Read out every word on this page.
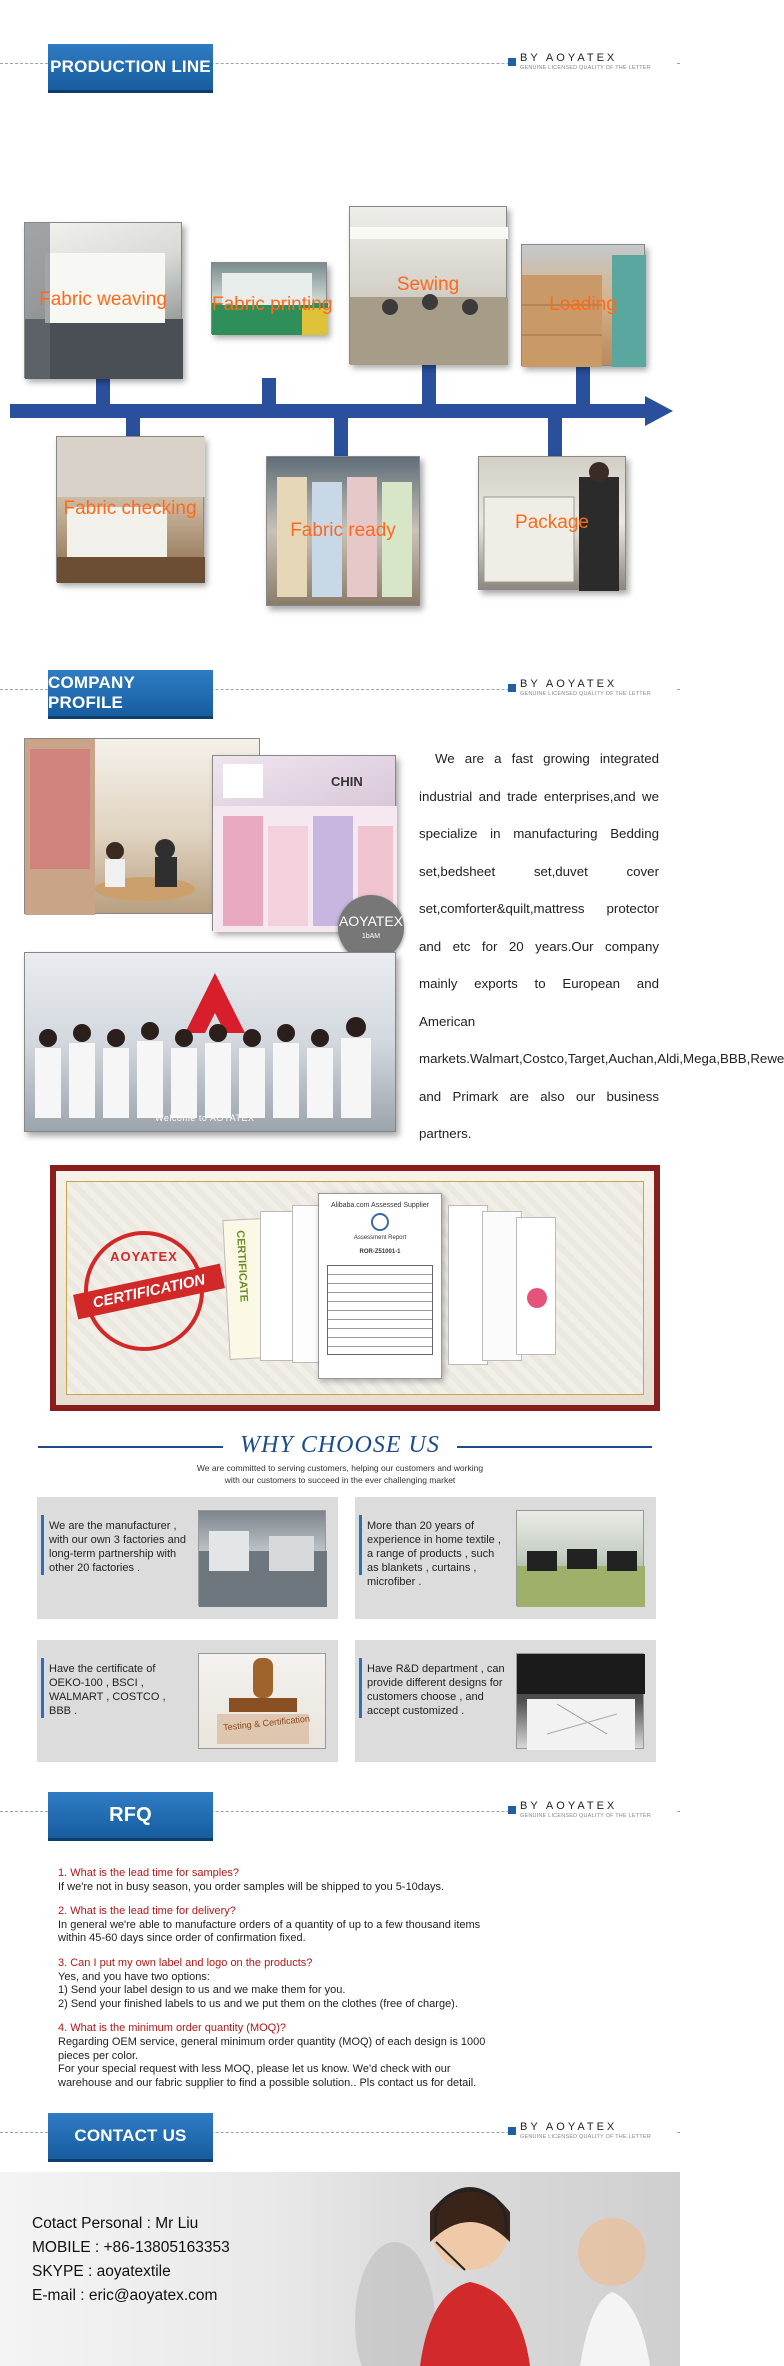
PRODUCTION LINE	BY AOYATEX
GENUINE LICENSED QUALITY OF THE LETTER
Fabric weaving	Fabric printing
Sewing
Loading
Fabric checking
Fabric ready	Package
COMPANY PROFILE
BY AOYATEX
GENUINE LICENSED QUALITY OF THE LETTER
CHIN
AOYATEX
1bAM
Welcome to AOYATEX
We are a fast growing integrated industrial and trade enterprises,and we specialize in manufacturing Bedding set,bedsheet set,duvet cover set,comforter&quilt,mattress protector and etc for 20 years.Our company mainly exports to European and American markets.Walmart,Costco,Target,Auchan,Aldi,Mega,BBB,Rewe and Primark are also our business partners.
AOYATEX
CERTIFICATION	CERTIFICATE
Alibaba.com Assessed Supplier
Assessment Report
ROR-Z51001-1
WHY CHOOSE US
We are committed to serving customers, helping our customers and working
with our customers to succeed in the ever challenging market
We are the manufacturer , with our own 3 factories and long-term partnership with other 20 factories .
More than 20 years of experience in home textile , a range of products , such as blankets , curtains , microfiber .
Have the certificate of OEKO-100 , BSCI , WALMART , COSTCO , BBB .
Testing & Certification
Have R&D department , can provide different designs for customers choose , and accept customized .
RFQ	BY AOYATEX
GENUINE LICENSED QUALITY OF THE LETTER
1. What is the lead time for samples?
If we're not in busy season, you order samples will be shipped to you 5-10days.
2. What is the lead time for delivery?
In general we're able to manufacture orders of a quantity of up to a few thousand items
within 45-60 days since order of confirmation fixed.
3. Can I put my own label and logo on the products?
Yes, and you have two options:
1) Send your label design to us and we make them for you.
2) Send your finished labels to us and we put them on the clothes (free of charge).
4. What is the minimum order quantity (MOQ)?
Regarding OEM service, general minimum order quantity (MOQ) of each design is 1000
pieces per color.
For your special request with less MOQ, please let us know. We'd check with our
warehouse and our fabric supplier to find a possible solution.. Pls contact us for detail.
CONTACT US	BY AOYATEX
GENUINE LICENSED QUALITY OF THE LETTER
Cotact Personal : Mr Liu
MOBILE : +86-13805163353
SKYPE : aoyatextile
E-mail : eric@aoyatex.com
